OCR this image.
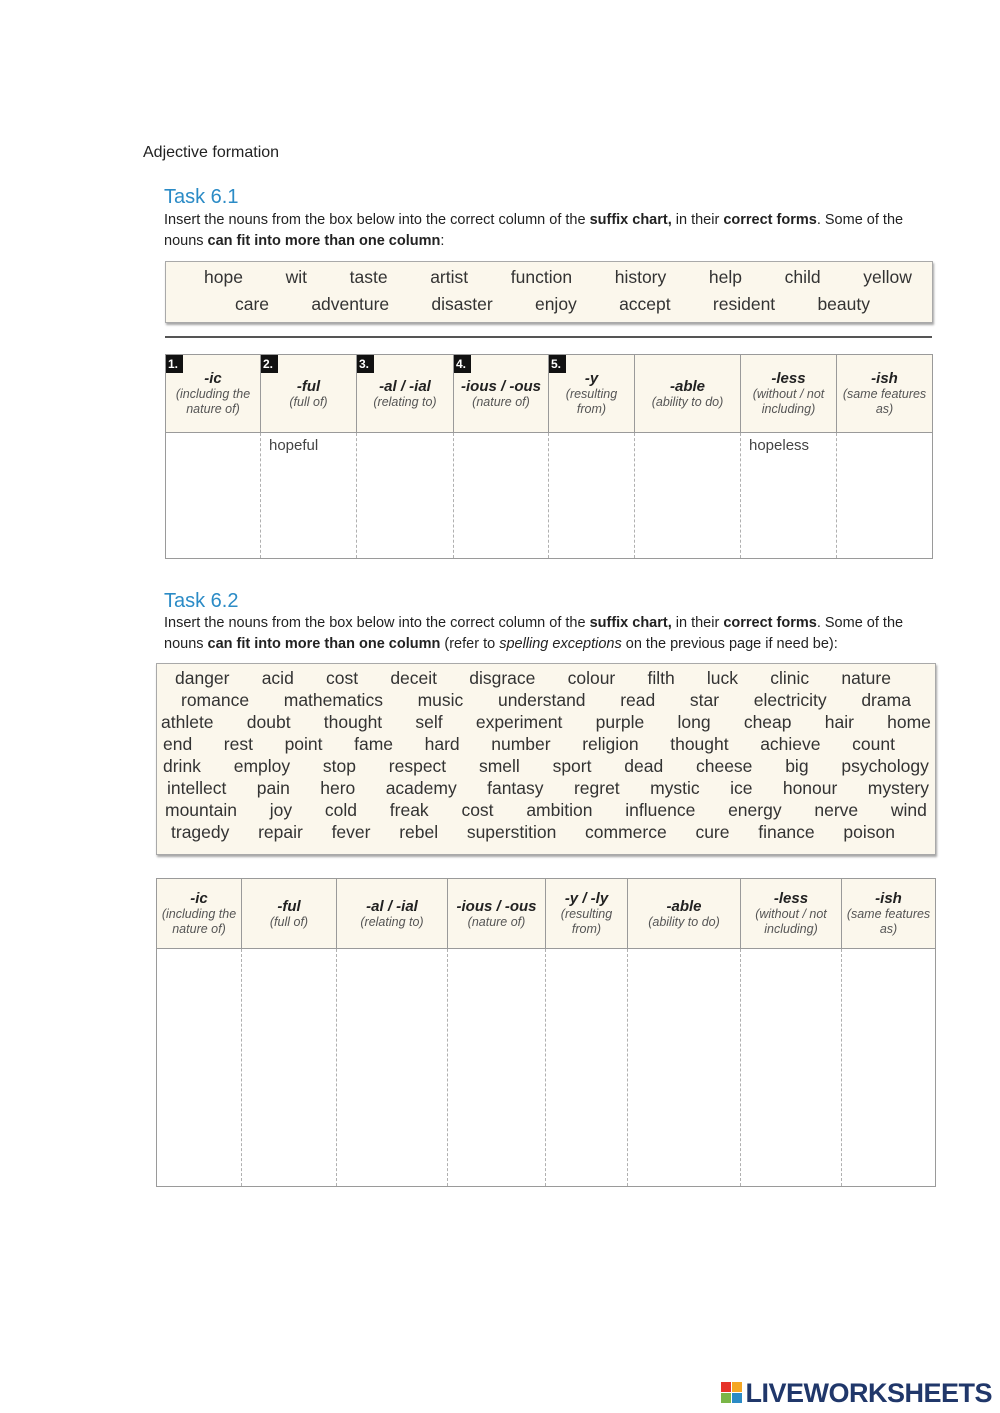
Adjective formation
Task 6.1
Insert the nouns from the box below into the correct column of the suffix chart, in their correct forms. Some of the nouns can fit into more than one column:
hope wit taste artist function history help child yellow
care adventure disaster enjoy accept resident beauty
1.
-ic
(including the nature of)	2.
-ful
(full of)	3.
-al / -ial
(relating to)	4.
-ious / -ous
(nature of)	5.
-y
(resulting from)	-able
(ability to do)	-less
(without / not including)	-ish
(same features as)

	hopeful					hopeless	

Task 6.2
Insert the nouns from the box below into the correct column of the suffix chart, in their correct forms. Some of the nouns can fit into more than one column (refer to spelling exceptions on the previous page if need be):
danger acid cost deceit disgrace colour filth luck clinic nature
romance mathematics music understand read star electricity drama
athlete doubt thought self experiment purple long cheap hair home
end rest point fame hard number religion thought achieve count
drink employ stop respect smell sport dead cheese big psychology
intellect pain hero academy fantasy regret mystic ice honour mystery
mountain joy cold freak cost ambition influence energy nerve wind
tragedy repair fever rebel superstition commerce cure finance poison
-ic
(including the nature of)	-ful
(full of)	-al / -ial
(relating to)	-ious / -ous
(nature of)	-y / -ly
(resulting from)	-able
(ability to do)	-less
(without / not including)	-ish
(same features as)

LIVEWORKSHEETS
